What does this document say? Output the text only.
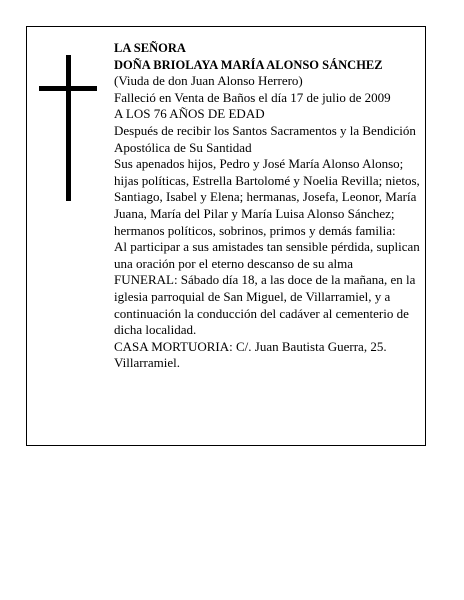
LA SEÑORA
DOÑA BRIOLAYA MARÍA ALONSO SÁNCHEZ
(Viuda de don Juan Alonso Herrero)
Falleció en Venta de Baños el día 17 de julio de 2009
A LOS 76 AÑOS DE EDAD
Después de recibir los Santos Sacramentos y la Bendición Apostólica de Su Santidad
Sus apenados hijos, Pedro y José María Alonso Alonso; hijas políticas, Estrella Bartolomé y Noelia Revilla; nietos, Santiago, Isabel y Elena; hermanas, Josefa, Leonor, María Juana, María del Pilar y María Luisa Alonso Sánchez; hermanos políticos, sobrinos, primos y demás familia:
Al participar a sus amistades tan sensible pérdida, suplican una oración por el eterno descanso de su alma
FUNERAL: Sábado día 18, a las doce de la mañana, en la iglesia parroquial de San Miguel, de Villarramiel, y a continuación la conducción del cadáver al cementerio de dicha localidad.
CASA MORTUORIA: C/. Juan Bautista Guerra, 25. Villarramiel.
